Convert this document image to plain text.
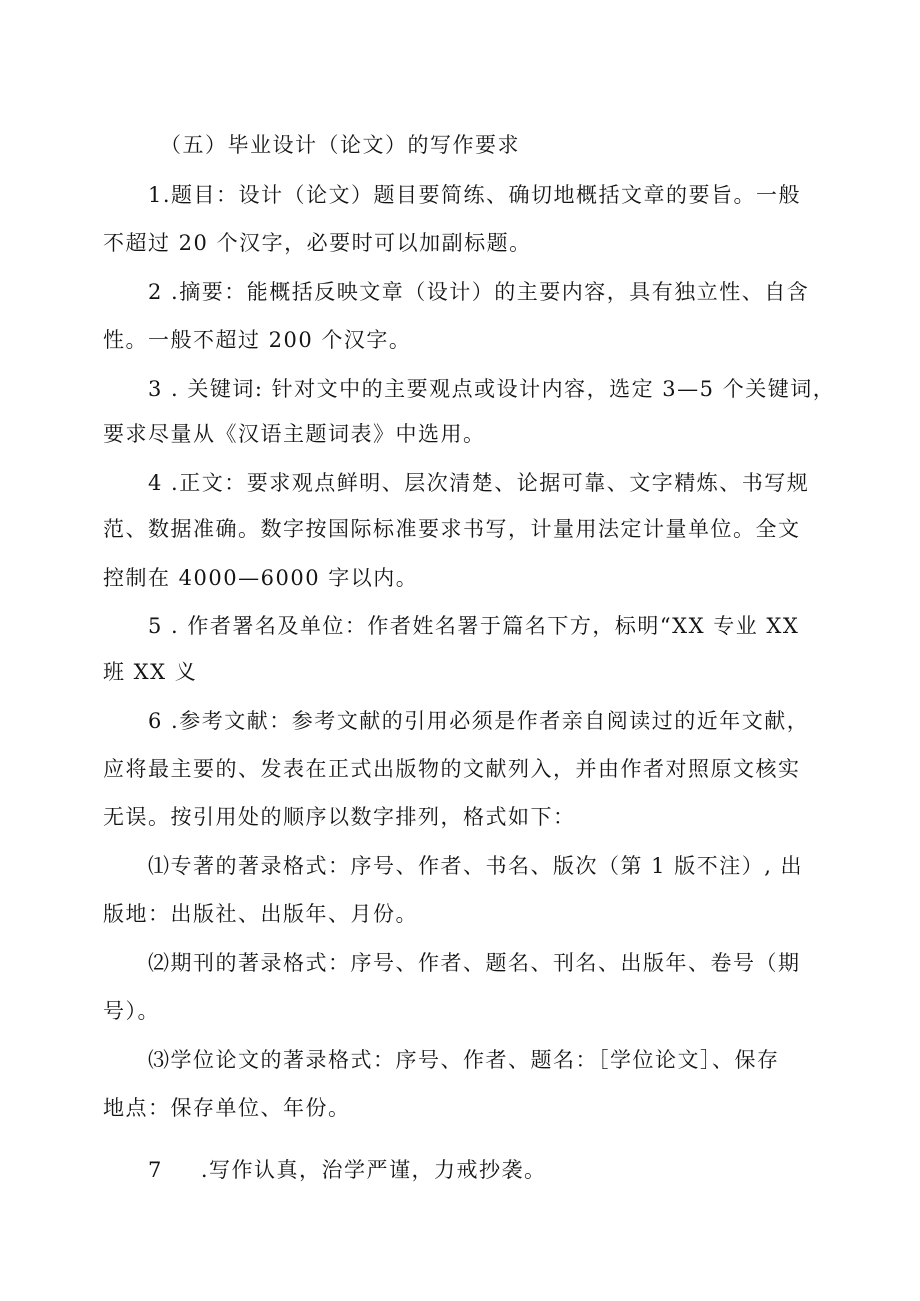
（五）毕业设计（论文）的写作要求
1.题目：设计（论文）题目要简练、确切地概括文章的要旨。一般
不超过 20 个汉字，必要时可以加副标题。
2 .摘要：能概括反映文章（设计）的主要内容，具有独立性、自含
性。一般不超过 200 个汉字。
3 . 关键词: 针对文中的主要观点或设计内容，选定 3—5 个关键词，
要求尽量从《汉语主题词表》中选用。
4 .正文：要求观点鲜明、层次清楚、论据可靠、文字精炼、书写规
范、数据准确。数字按国际标准要求书写，计量用法定计量单位。全文
控制在 4000—6000 字以内。
5 . 作者署名及单位：作者姓名署于篇名下方，标明“XX 专业 XX
班 XX 义
6 .参考文献：参考文献的引用必须是作者亲自阅读过的近年文献，
应将最主要的、发表在正式出版物的文献列入，并由作者对照原文核实
无误。按引用处的顺序以数字排列，格式如下：
⑴专著的著录格式：序号、作者、书名、版次（第 1 版不注）, 出
版地：出版社、出版年、月份。
⑵期刊的著录格式：序号、作者、题名、刊名、出版年、卷号（期
号）。
⑶学位论文的著录格式：序号、作者、题名：［学位论文］、保存
地点：保存单位、年份。
7 .写作认真，治学严谨，力戒抄袭。
